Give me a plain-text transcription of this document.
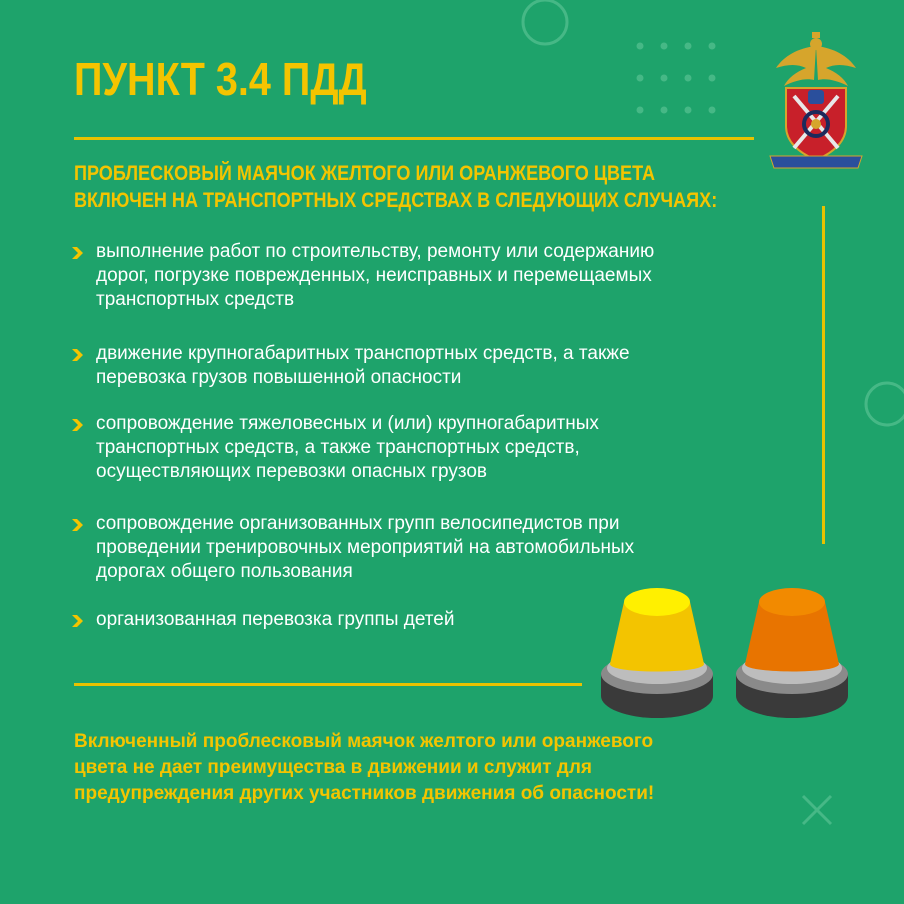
ПУНКТ 3.4 ПДД

ПРОБЛЕСКОВЫЙ МАЯЧОК ЖЕЛТОГО ИЛИ ОРАНЖЕВОГО ЦВЕТА
ВКЛЮЧЕН НА ТРАНСПОРТНЫХ СРЕДСТВАХ В СЛЕДУЮЩИХ СЛУЧАЯХ:

выполнение работ по строительству, ремонту или содержанию
дорог, погрузке поврежденных, неисправных и перемещаемых
транспортных средств
движение крупногабаритных транспортных средств, а также
перевозка грузов повышенной опасности
сопровождение тяжеловесных и (или) крупногабаритных
транспортных средств, а также транспортных средств,
осуществляющих перевозки опасных грузов
сопровождение организованных групп велосипедистов при
проведении тренировочных мероприятий на автомобильных
дорогах общего пользования
организованная перевозка группы детей

Включенный проблесковый маячок желтого или оранжевого
цвета не дает преимущества в движении и служит для
предупреждения других участников движения об опасности!
